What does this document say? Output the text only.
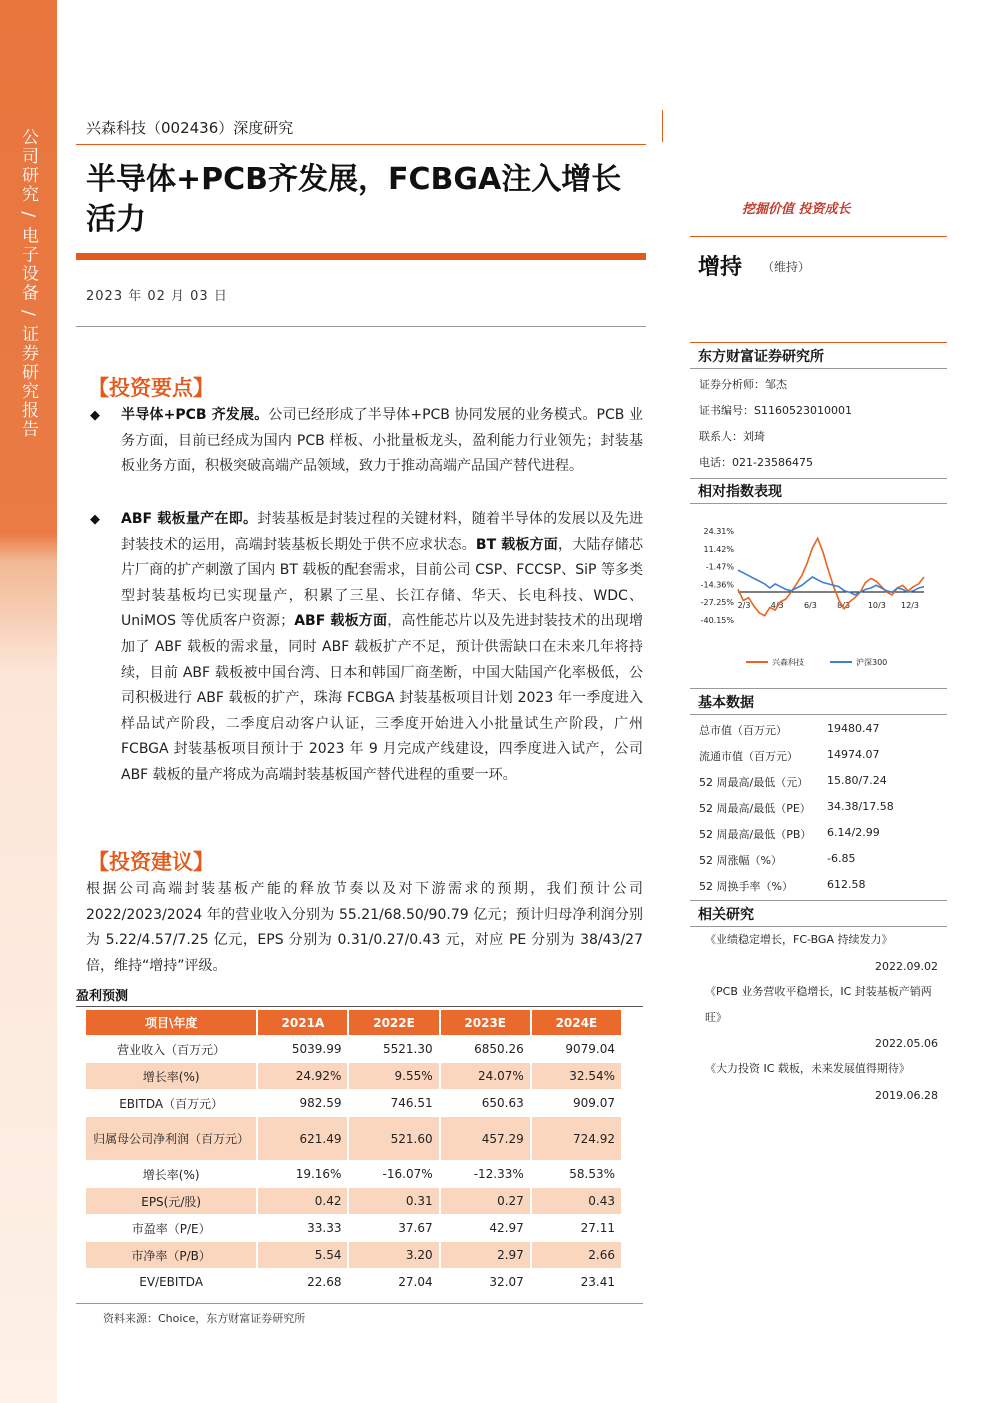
公司研究 / 电子设备 / 证券研究报告	兴森科技（002436）深度研究
半导体+PCB齐发展，FCBGA注入增长活力
2023 年 02 月 03 日
挖掘价值 投资成长
增持 （维持）
东方财富证券研究所
证券分析师：邹杰
证书编号：S1160523010001
联系人：刘琦
电话：021-23586475
相对指数表现
24.31%
11.42%
-1.47%
-14.36%
-27.25%
-40.15%
2/3	4/3	6/3	8/3 10/3 12/3
兴森科技	沪深300
基本数据
总市值（百万元）	19480.47
流通市值（百万元）	14974.07
52 周最高/最低（元） 15.80/7.24
52 周最高/最低（PE） 34.38/17.58
52 周最高/最低（PB） 6.14/2.99
52 周涨幅（%）	-6.85
52 周换手率（%）	612.58
相关研究
《业绩稳定增长，FC-BGA 持续发力》
2022.09.02
《PCB 业务营收平稳增长，IC 封装基板产销两旺》
2022.05.06
《大力投资 IC 载板，未来发展值得期待》
2019.06.28
【投资要点】
◆ 半导体+PCB 齐发展。公司已经形成了半导体+PCB 协同发展的业务模式。PCB 业务方面，目前已经成为国内 PCB 样板、小批量板龙头，盈利能力行业领先；封装基板业务方面，积极突破高端产品领域，致力于推动高端产品国产替代进程。
◆ ABF 载板量产在即。封装基板是封装过程的关键材料，随着半导体的发展以及先进封装技术的运用，高端封装基板长期处于供不应求状态。BT 载板方面，大陆存储芯片厂商的扩产刺激了国内 BT 载板的配套需求，目前公司 CSP、FCCSP、SiP 等多类型封装基板均已实现量产，积累了三星、长江存储、华天、长电科技、WDC、UniMOS 等优质客户资源；ABF 载板方面，高性能芯片以及先进封装技术的出现增加了 ABF 载板的需求量，同时 ABF 载板扩产不足，预计供需缺口在未来几年将持续，目前 ABF 载板被中国台湾、日本和韩国厂商垄断，中国大陆国产化率极低，公司积极进行 ABF 载板的扩产，珠海 FCBGA 封装基板项目计划 2023 年一季度进入样品试产阶段，二季度启动客户认证，三季度开始进入小批量试生产阶段，广州 FCBGA 封装基板项目预计于 2023 年 9 月完成产线建设，四季度进入试产，公司 ABF 载板的量产将成为高端封装基板国产替代进程的重要一环。
【投资建议】
根据公司高端封装基板产能的释放节奏以及对下游需求的预期，我们预计公司 2022/2023/2024 年的营业收入分别为 55.21/68.50/90.79 亿元；预计归母净利润分别为 5.22/4.57/7.25 亿元，EPS 分别为 0.31/0.27/0.43 元，对应 PE 分别为 38/43/27 倍，维持“增持”评级。
盈利预测
项目\年度	2021A	2022E	2023E	2024E
营业收入（百万元）	5039.99	5521.30	6850.26	9079.04
增长率(%)	24.92%	9.55%	24.07%	32.54%
EBITDA（百万元）	982.59	746.51	650.63	909.07
归属母公司净利润（百万元）	621.49	521.60	457.29	724.92
增长率(%)	19.16%	-16.07%	-12.33%	58.53%
EPS(元/股)	0.42	0.31	0.27	0.43
市盈率（P/E）	33.33	37.67	42.97	27.11
市净率（P/B）	5.54	3.20	2.97	2.66
EV/EBITDA	22.68	27.04	32.07	23.41
资料来源：Choice，东方财富证券研究所
